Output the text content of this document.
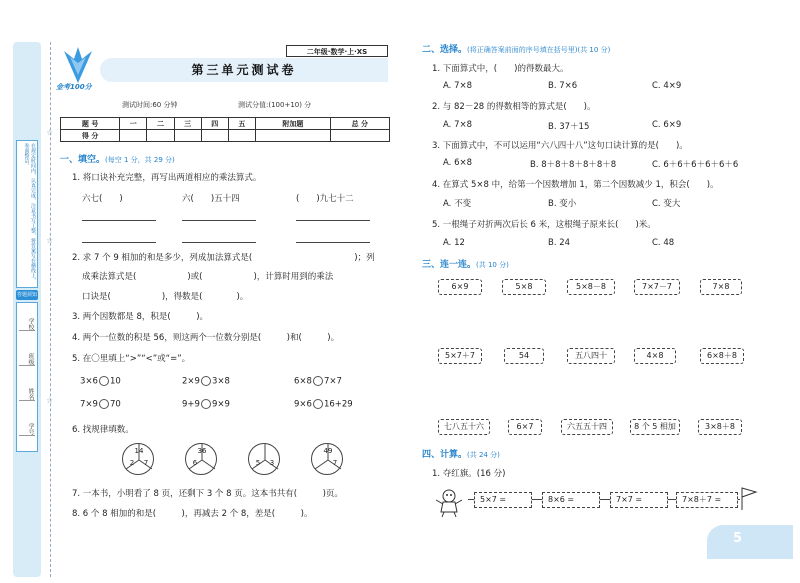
在规定时间内，认真完成，注意书写工整，将答案写在横线上，卷面整洁。
答题须知
学校
班级
姓名
学号
☆
☆
☆
金考100分
二年级·数学·上·XS
第三单元测试卷
测试时间:60 分钟	测试分值:(100+10) 分
题 号	一	二	三	四	五	附加题	总 分
得 分							
一、填空。(每空 1 分，共 29 分)
1. 将口诀补充完整，再写出两道相应的乘法算式。
六七(　　)	六(　　)五十四	(　　)九七十二
2. 求 7 个 9 相加的和是多少，列成加法算式是(　　　　　　　　　　　　)；列
成乘法算式是(　　　　　　)或(　　　　　　)，计算时用到的乘法
口诀是(　　　　　　)，得数是(　　　　)。
3. 两个因数都是 8，积是(　　　)。
4. 两个一位数的积是 56，则这两个一位数分别是(　　　)和(　　　)。
5. 在〇里填上“>”“<”或“=”。
3×6 10	2×9 3×8	6×8 7×7
7×9 70	9+9 9×9	9×6 16+29
6. 找规律填数。
14
2	7
36
6	5	3
49
7
7. 一本书，小明看了 8 页，还剩下 3 个 8 页。这本书共有(　　　)页。
8. 6 个 8 相加的和是(　　　)，再减去 2 个 8，差是(　　　)。
二、选择。(将正确答案前面的序号填在括号里)(共 10 分)
1. 下面算式中，(　　)的得数最大。
A. 7×8	B. 7×6	C. 4×9
2. 与 82－28 的得数相等的算式是(　　)。
A. 7×8	B. 37＋15	C. 6×9
3. 下面算式中，不可以运用“六八四十八”这句口诀计算的是(　　)。
A. 6×8	B. 8＋8＋8＋8＋8＋8	C. 6＋6＋6＋6＋6＋6
4. 在算式 5×8 中，给第一个因数增加 1，第二个因数减少 1，积会(　　)。
A. 不变	B. 变小	C. 变大
5. 一根绳子对折两次后长 6 米，这根绳子原来长(　　)米。
A. 12	B. 24	C. 48
三、连一连。(共 10 分)
6×9	5×8	5×8－8	7×7－7	7×8
5×7＋7	54	五八四十	4×8	6×8＋8
七八五十六	6×7	六五五十四	8 个 5 相加	3×8＋8
四、计算。(共 24 分)
1. 夺红旗。(16 分)
5×7 =	8×6 =	7×7 =	7×8＋7 =
5
